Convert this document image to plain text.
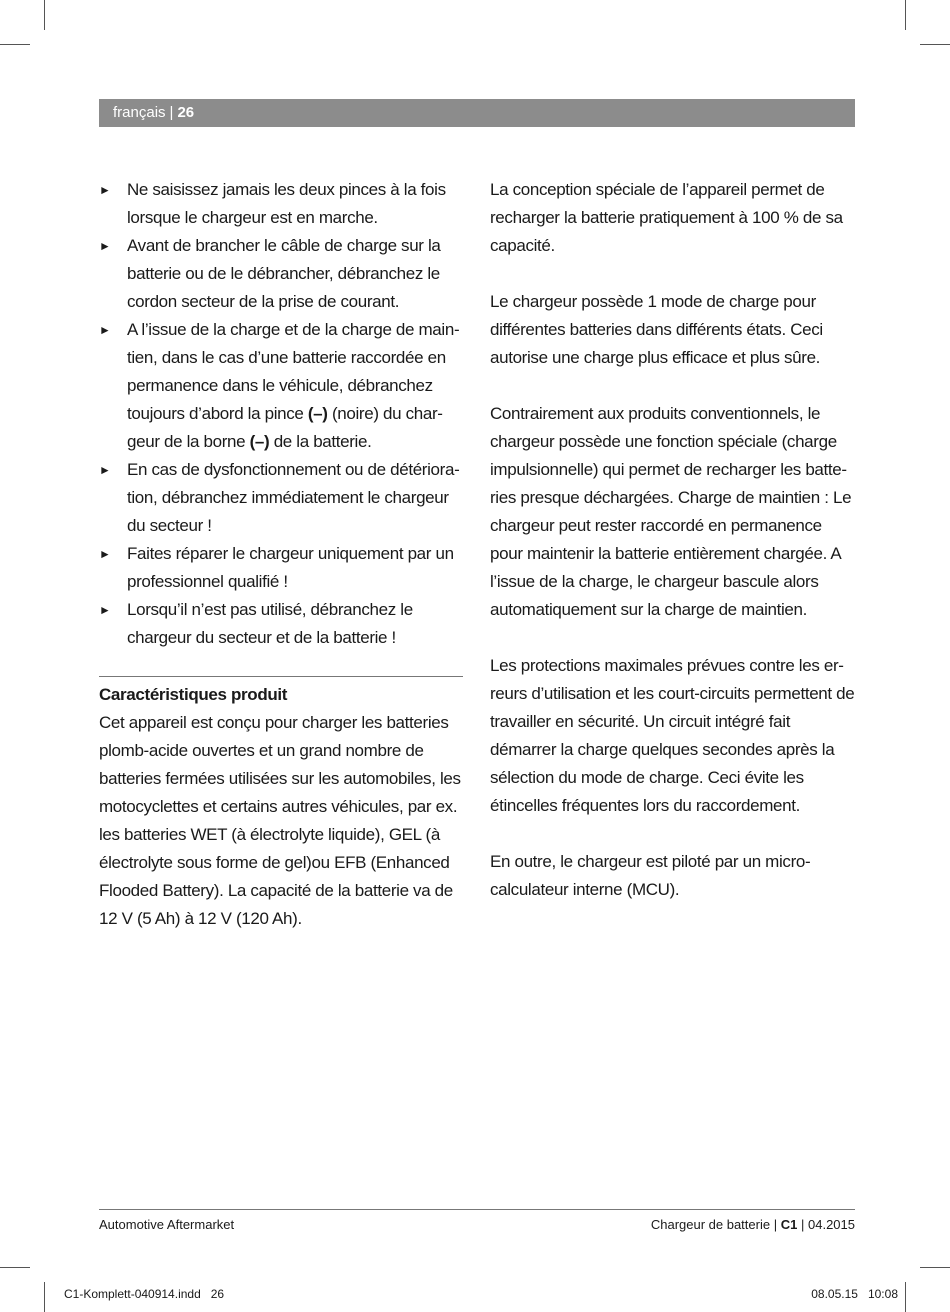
français | 26
► Ne saisissez jamais les deux pinces à la fois lorsque le chargeur est en marche.
► Avant de brancher le câble de charge sur la batterie ou de le débrancher, débranchez le cordon secteur de la prise de courant.
► A l’issue de la charge et de la charge de maintien, dans le cas d’une batterie raccordée en permanence dans le véhicule, débranchez toujours d’abord la pince (–) (noire) du chargeur de la borne (–) de la batterie.
► En cas de dysfonctionnement ou de détérioration, débranchez immédiatement le chargeur du secteur !
► Faites réparer le chargeur uniquement par un professionnel qualifié !
► Lorsqu’il n’est pas utilisé, débranchez le chargeur du secteur et de la batterie !
Caractéristiques produit

Cet appareil est conçu pour charger les batteries plomb-acide ouvertes et un grand nombre de batteries fermées utilisées sur les automobiles, les motocyclettes et certains autres véhicules, par ex. les batteries WET (à électrolyte liquide), GEL (à électrolyte sous forme de gel)ou EFB (Enhanced Flooded Battery). La capacité de la batterie va de 12 V (5 Ah) à 12 V (120 Ah).

La conception spéciale de l’appareil permet de recharger la batterie pratiquement à 100 % de sa capacité.

Le chargeur possède 1 mode de charge pour différentes batteries dans différents états. Ceci autorise une charge plus efficace et plus sûre.

Contrairement aux produits conventionnels, le chargeur possède une fonction spéciale (charge impulsionnelle) qui permet de recharger les batteries presque déchargées. Charge de maintien : Le chargeur peut rester raccordé en permanence pour maintenir la batterie entièrement chargée. A l’issue de la charge, le chargeur bascule alors automatiquement sur la charge de maintien.

Les protections maximales prévues contre les erreurs d’utilisation et les court-circuits permettent de travailler en sécurité. Un circuit intégré fait démarrer la charge quelques secondes après la sélection du mode de charge. Ceci évite les étincelles fréquentes lors du raccordement.

En outre, le chargeur est piloté par un micro-calculateur interne (MCU).

Automotive Aftermarket	Chargeur de batterie | C1 | 04.2015
C1-Komplett-040914.indd   26	08.05.15   10:08
